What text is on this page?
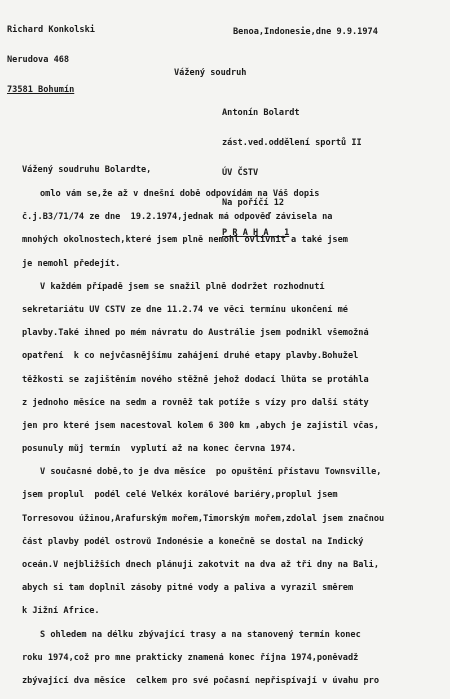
Richard Konkolski

Nerudova 468

73581 Bohumín

Benoa,Indonesie,dne 9.9.1974
Vážený soudruh

Antonín Bolardt

zást.ved.oddělení sportů II

ÚV ČSTV

Na poříčí 12

P R A H A   1

Vážený soudruhu Bolardte,
omlo vám se,že až v dnešní době odpovídám na Váš dopis
č.j.B3/71/74 ze dne  19.2.1974,jednak má odpověď závisela na
mnohých okolnostech,které jsem plně nemohl ovlivnit a také jsem
je nemohl předejít.
V každém případě jsem se snažil plně dodržet rozhodnutí
sekretariátu ÚV ČSTV ze dne 11.2.74 ve věci termínu ukončení mé
plavby.Také ihned po mém návratu do Austrálie jsem podnikl všemožná
opatření  k co nejvčasnějšímu zahájení druhé etapy plavby.Bohužel
těžkosti se zajištěním nového stěžně jehož dodací lhůta se protáhla
z jednoho měsíce na sedm a rovněž tak potíže s vízy pro další státy
jen pro které jsem nacestoval kolem 6 300 km ,abych je zajistil včas,
posunuly můj termín  vyplutí až na konec června 1974.
V současné době,to je dva měsíce  po opuštění přístavu Townsville,
jsem proplul  podél celé Velkéx korálové bariéry,proplul jsem
Torresovou úžinou,Arafurským mořem,Timorským mořem,zdolal jsem značnou
část plavby podél ostrovů Indonésie a konečně se dostal na Indický
oceán.V nejbližších dnech plánuji zakotvit na dva až tři dny na Bali,
abych si tam doplnil zásoby pitné vody a paliva a vyrazil směrem
k Jižní Africe.
S ohledem na délku zbývající trasy a na stanovený termín konec
roku 1974,což pro mne prakticky znamená konec října 1974,poněvadž
zbývající dva měsíce  celkem pro své počasní nepřispívají v úvahu pro
